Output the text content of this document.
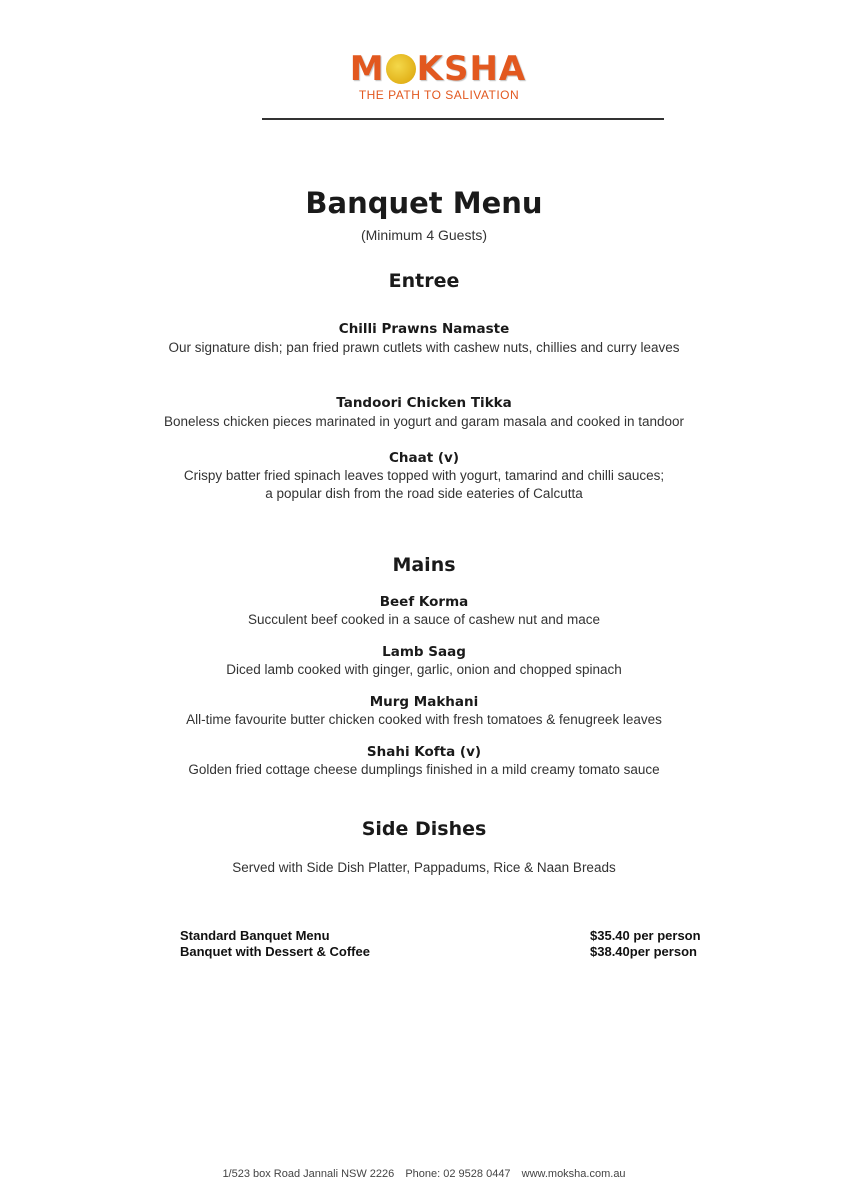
M KSHA
THE PATH TO SALIVATION
Banquet Menu
(Minimum 4 Guests)
Entree
Chilli Prawns Namaste
Our signature dish; pan fried prawn cutlets with cashew nuts, chillies and curry leaves
Tandoori Chicken Tikka
Boneless chicken pieces marinated in yogurt and garam masala and cooked in tandoor
Chaat (v)
Crispy batter fried spinach leaves topped with yogurt, tamarind and chilli sauces;
a popular dish from the road side eateries of Calcutta
Mains
Beef Korma
Succulent beef cooked in a sauce of cashew nut and mace
Lamb Saag
Diced lamb cooked with ginger, garlic, onion and chopped spinach
Murg Makhani
All-time favourite butter chicken cooked with fresh tomatoes & fenugreek leaves
Shahi Kofta (v)
Golden fried cottage cheese dumplings finished in a mild creamy tomato sauce
Side Dishes
Served with Side Dish Platter, Pappadums, Rice & Naan Breads
Standard Banquet Menu	$35.40 per person
Banquet with Dessert & Coffee	$38.40per person
1/523 box Road Jannali NSW 2226 Phone: 02 9528 0447 www.moksha.com.au
